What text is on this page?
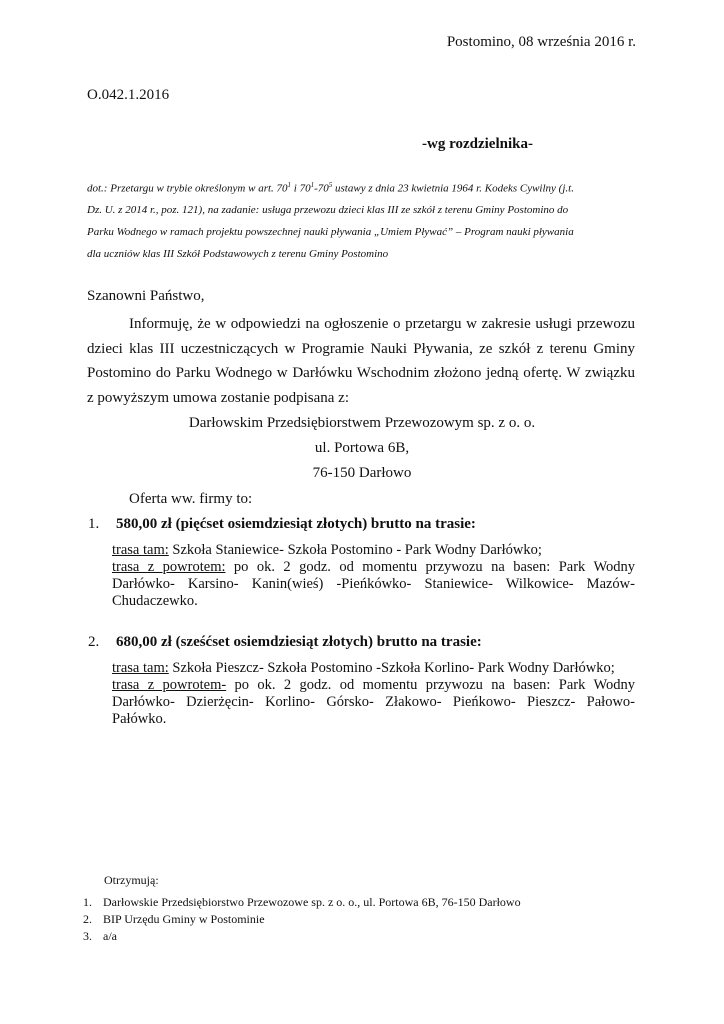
Postomino, 08 września 2016 r.
O.042.1.2016
-wg rozdzielnika-
dot.: Przetargu w trybie określonym w art. $70^1$ i $70^1-70^5$ ustawy z dnia 23 kwietnia 1964 r. Kodeks Cywilny (j.t.
Dz. U. z 2014 r., poz. 121), na zadanie: usługa przewozu dzieci klas III ze szkół z terenu Gminy Postomino do
Parku Wodnego w ramach projektu powszechnej nauki pływania „Umiem Pływać” – Program nauki pływania
dla uczniów klas III Szkół Podstawowych z terenu Gminy Postomino
Szanowni Państwo,
Informuję, że w odpowiedzi na ogłoszenie o przetargu w zakresie usługi przewozu
dzieci klas III uczestniczących w Programie Nauki Pływania, ze szkół z terenu Gminy
Postomino do Parku Wodnego w Darłówku Wschodnim złożono jedną ofertę. W związku
z powyższym umowa zostanie podpisana z:
Darłowskim Przedsiębiorstwem Przewozowym sp. z o. o.
ul. Portowa 6B,
76-150 Darłowo
Oferta ww. firmy to:
1. 580,00 zł (pięćset osiemdziesiąt złotych) brutto na trasie:
trasa tam: Szkoła Staniewice- Szkoła Postomino - Park Wodny Darłówko;
trasa z powrotem: po ok. 2 godz. od momentu przywozu na basen: Park Wodny
Darłówko- Karsino- Kanin(wieś) -Pieńkówko- Staniewice- Wilkowice- Mazów-
Chudaczewko.
2. 680,00 zł (sześćset osiemdziesiąt złotych) brutto na trasie:
trasa tam: Szkoła Pieszcz- Szkoła Postomino -Szkoła Korlino- Park Wodny Darłówko;
trasa z powrotem- po ok. 2 godz. od momentu przywozu na basen: Park Wodny
Darłówko- Dzierżęcin- Korlino- Górsko- Złakowo- Pieńkowo- Pieszcz- Pałowo-
Pałówko.
Otrzymują:
1. Darłowskie Przedsiębiorstwo Przewozowe sp. z o. o., ul. Portowa 6B, 76-150 Darłowo
2. BIP Urzędu Gminy w Postominie
3. a/a
